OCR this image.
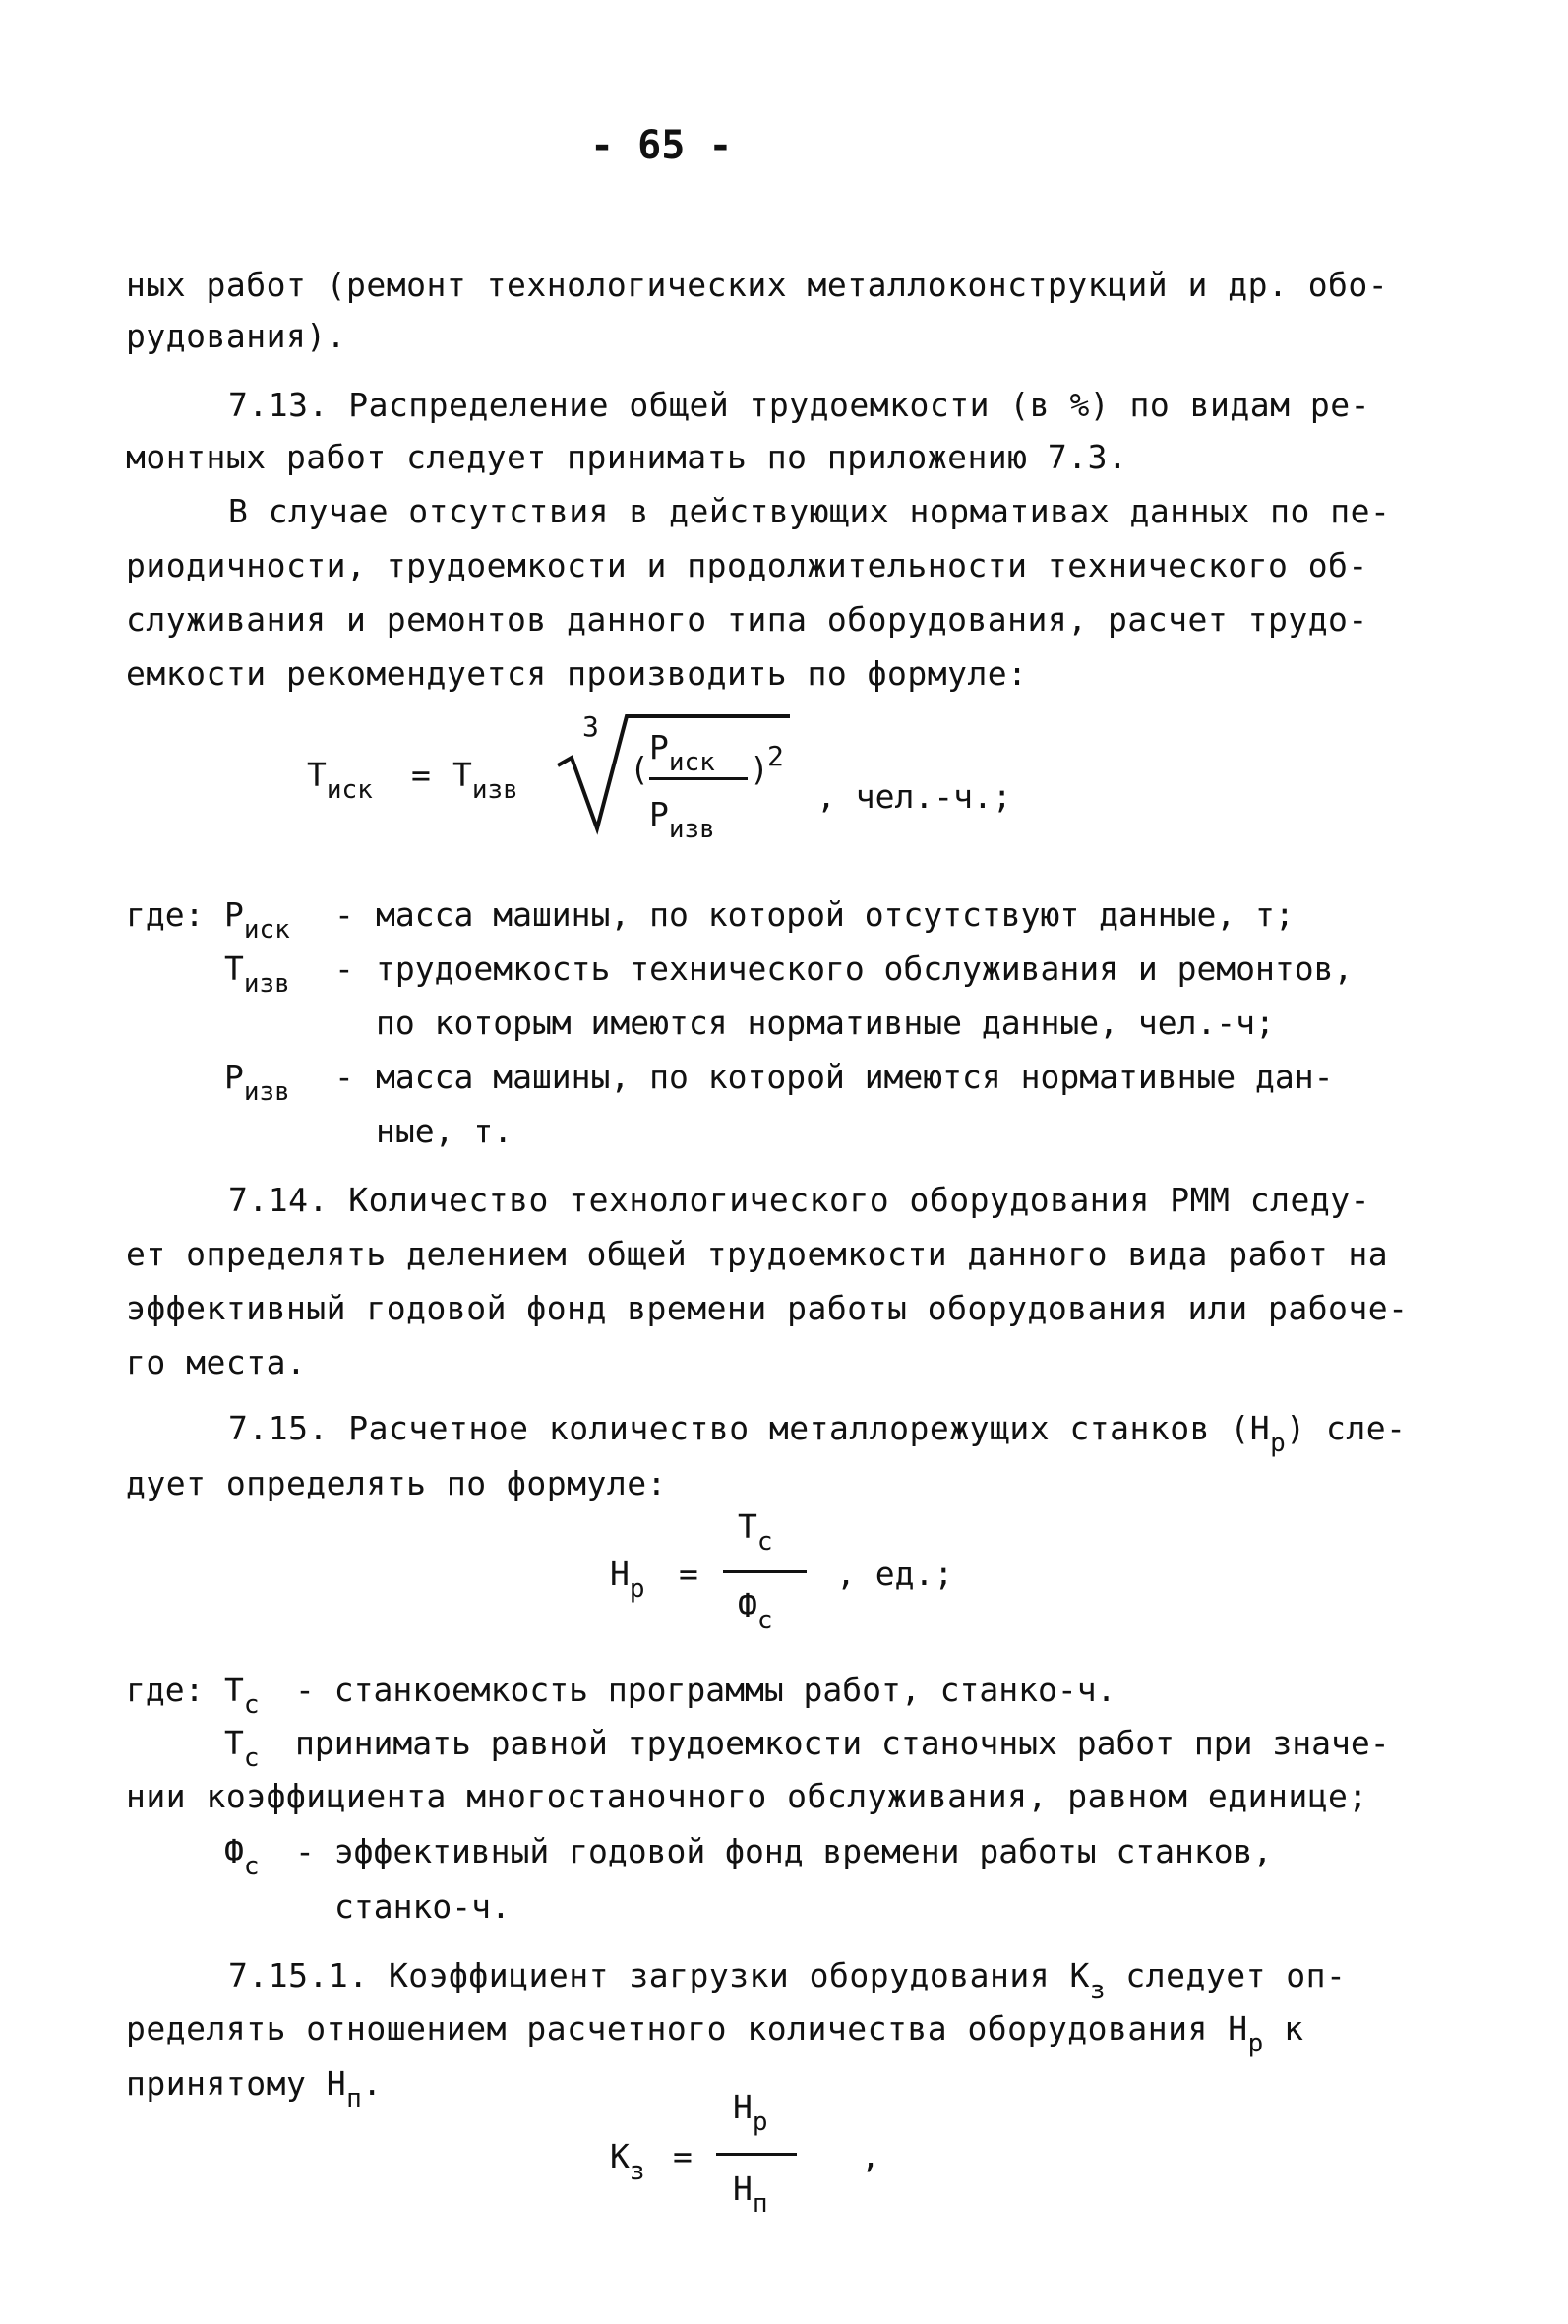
- 65 -
ных работ (ремонт технологических металлоконструкций и др. обо-
рудования).
7.13. Распределение общей трудоемкости (в %) по видам ре-
монтных работ следует принимать по приложению 7.3.
В случае отсутствия в действующих нормативах данных по пе-
риодичности, трудоемкости и продолжительности технического об-
служивания и ремонтов данного типа оборудования, расчет трудо-
емкости рекомендуется производить по формуле:
$Т_{иск} = Т_{изв}$
3
(
$Р_{иск}$ )
2
$Р_{изв}$
, чел.-ч.;
где: $Р_{иск}$ - масса машины, по которой отсутствуют данные, т;
$Т_{изв}$ - трудоемкость технического обслуживания и ремонтов,
по которым имеются нормативные данные, чел.-ч;
$Р_{изв}$ - масса машины, по которой имеются нормативные дан-
ные, т.
7.14. Количество технологического оборудования РММ следу-
ет определять делением общей трудоемкости данного вида работ на
эффективный годовой фонд времени работы оборудования или рабоче-
го места.
7.15. Расчетное количество металлорежущих станков $(Н_р)$ сле-
дует определять по формуле:
$Н_р$ =
$Т_с$
$Ф_с$
, ед.;
где: $Т_с$ - станкоемкость программы работ, станко-ч.
$Т_с$ принимать равной трудоемкости станочных работ при значе-
нии коэффициента многостаночного обслуживания, равном единице;
$Ф_с$ - эффективный годовой фонд времени работы станков,
станко-ч.
7.15.1. Коэффициент загрузки оборудования $К_з$ следует оп-
ределять отношением расчетного количества оборудования $Н_р$ к
принятому $Н_п$.
$К_з$ =
$Н_р$
$Н_п$
,
